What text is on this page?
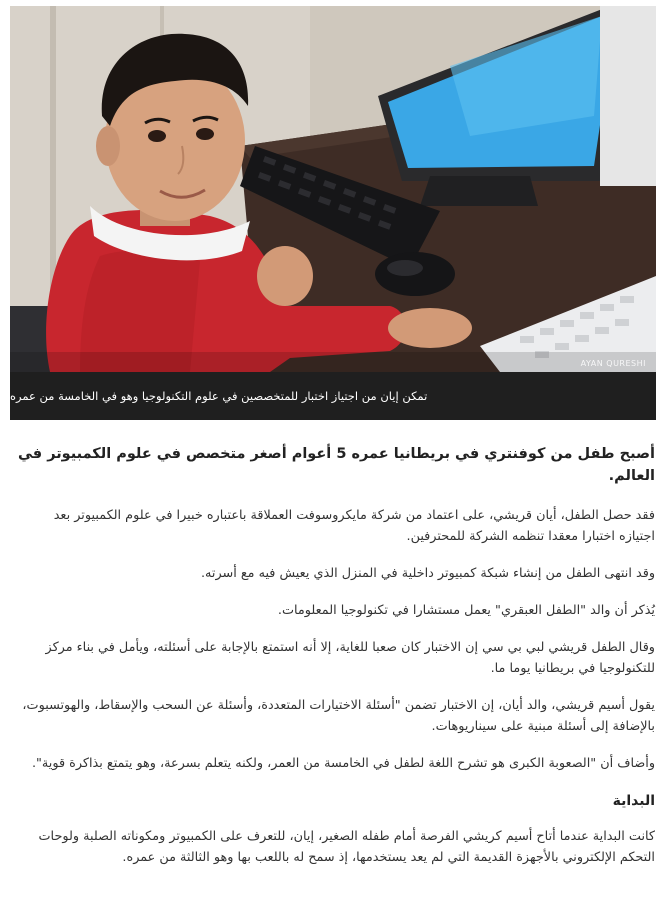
AYAN QURESHI
تمكن إيان من اجتياز اختبار للمتخصصين في علوم التكنولوجيا وهو في الخامسة من عمره

أصبح طفل من كوفنتري في بريطانيا عمره 5 أعوام أصغر متخصص في علوم الكمبيوتر في العالم.

فقد حصل الطفل، أيان قريشي، على اعتماد من شركة مايكروسوفت العملاقة باعتباره خبيرا في علوم الكمبيوتر بعد اجتيازه اختبارا معقدا تنظمه الشركة للمحترفين.

وقد انتهى الطفل من إنشاء شبكة كمبيوتر داخلية في المنزل الذي يعيش فيه مع أسرته.

يُذكر أن والد "الطفل العبقري" يعمل مستشارا في تكنولوجيا المعلومات.

وقال الطفل قريشي لبي بي سي إن الاختبار كان صعبا للغاية، إلا أنه استمتع بالإجابة على أسئلته، ويأمل في بناء مركز للتكنولوجيا في بريطانيا يوما ما.

يقول أسيم قريشي، والد أيان، إن الاختبار تضمن "أسئلة الاختيارات المتعددة، وأسئلة عن السحب والإسقاط، والهوتسبوت، بالإضافة إلى أسئلة مبنية على سيناريوهات.

وأضاف أن "الصعوبة الكبرى هو تشرح اللغة لطفل في الخامسة من العمر، ولكنه يتعلم بسرعة، وهو يتمتع بذاكرة قوية".

البداية

كانت البداية عندما أتاح أسيم كريشي الفرصة أمام طفله الصغير، إيان، للتعرف على الكمبيوتر ومكوناته الصلبة ولوحات التحكم الإلكتروني بالأجهزة القديمة التي لم يعد يستخدمها، إذ سمح له باللعب بها وهو الثالثة من عمره.
